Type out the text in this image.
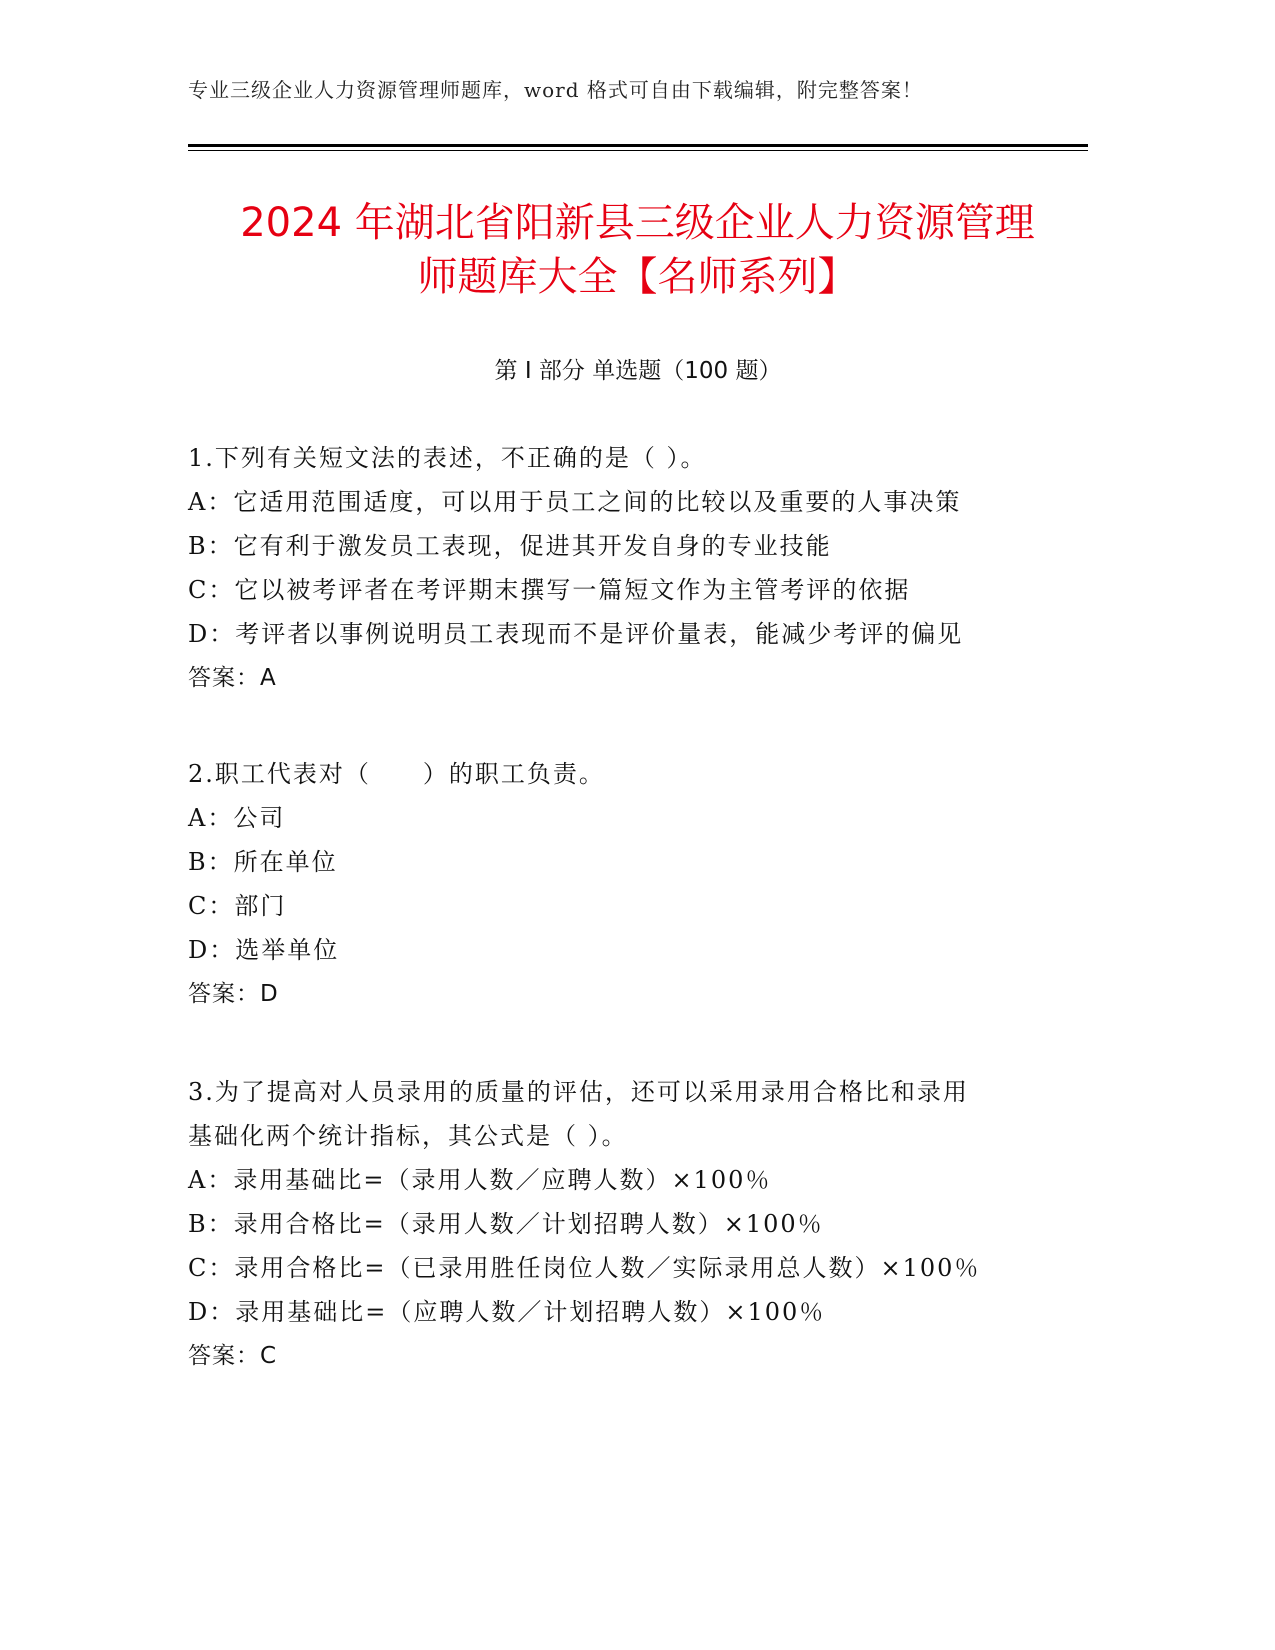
专业三级企业人力资源管理师题库，word 格式可自由下载编辑，附完整答案！
2024 年湖北省阳新县三级企业人力资源管理
师题库大全【名师系列】
第 I 部分 单选题（100 题）
1.下列有关短文法的表述，不正确的是（ ）。
A：它适用范围适度，可以用于员工之间的比较以及重要的人事决策
B：它有利于激发员工表现，促进其开发自身的专业技能
C：它以被考评者在考评期末撰写一篇短文作为主管考评的依据
D：考评者以事例说明员工表现而不是评价量表，能减少考评的偏见
答案：A
2.职工代表对（　　）的职工负责。
A：公司
B：所在单位
C：部门
D：选举单位
答案：D
3.为了提高对人员录用的质量的评估，还可以采用录用合格比和录用
基础化两个统计指标，其公式是（ ）。
A：录用基础比=（录用人数／应聘人数）×100％
B：录用合格比=（录用人数／计划招聘人数）×100％
C：录用合格比=（已录用胜任岗位人数／实际录用总人数）×100％
D：录用基础比=（应聘人数／计划招聘人数）×100％
答案：C
